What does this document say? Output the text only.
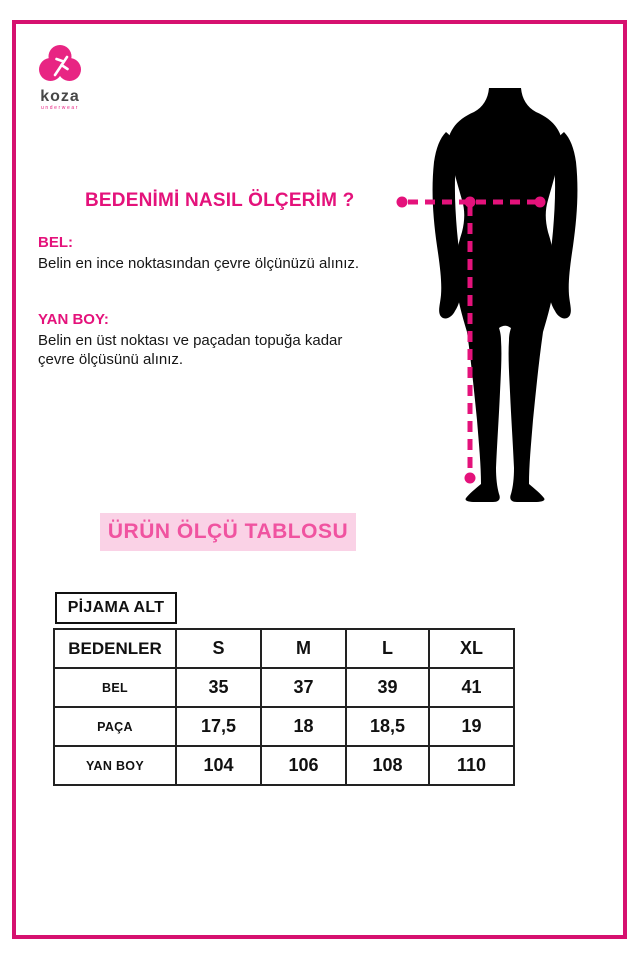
koza
underwear
BEDENİMİ NASIL ÖLÇERİM ?
BEL:

Belin en ince noktasından çevre ölçünüzü alınız.

YAN BOY:

Belin en üst noktası ve paçadan topuğa kadar çevre ölçüsünü alınız.

ÜRÜN ÖLÇÜ TABLOSU
PİJAMA ALT
BEDENLER	S	M	L	XL
BEL	35	37	39	41
PAÇA	17,5	18	18,5	19
YAN BOY	104	106	108	110
